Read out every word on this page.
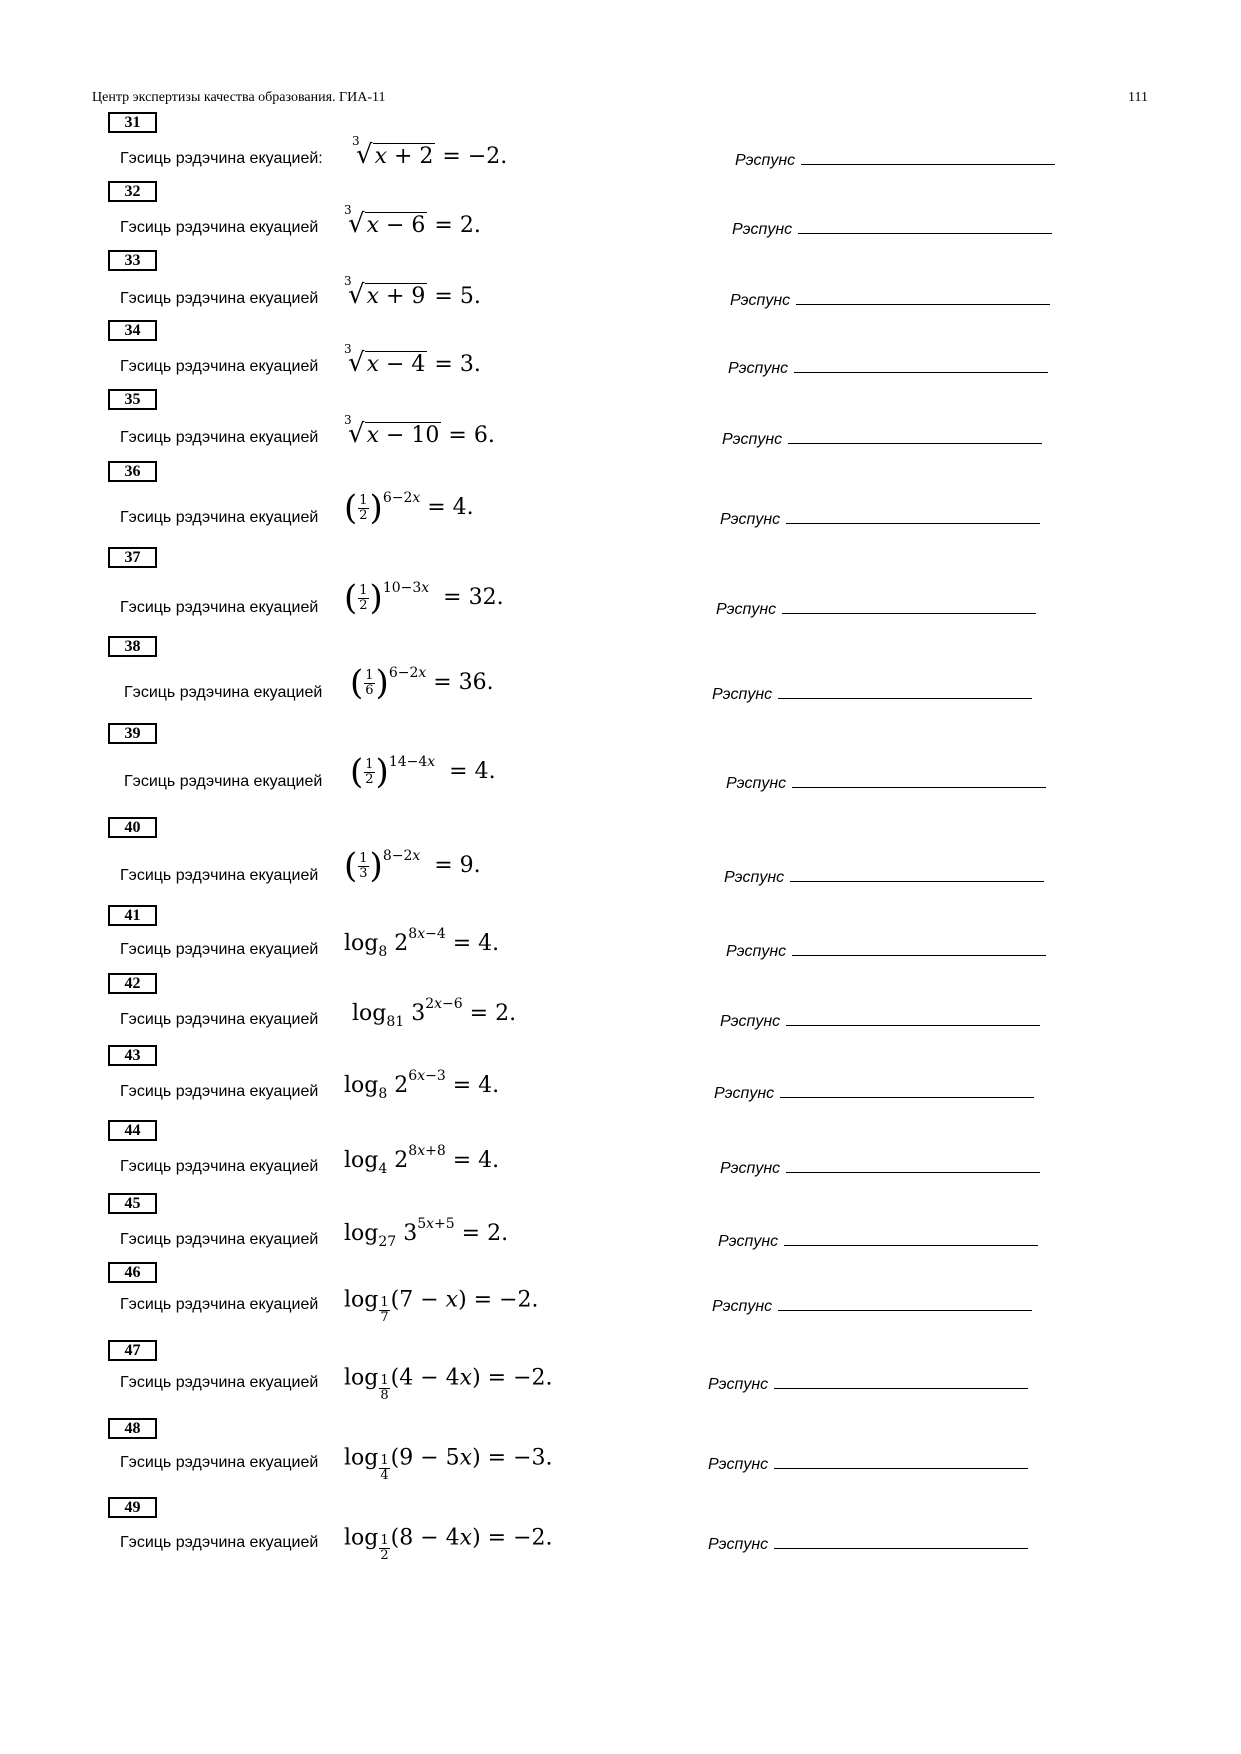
Центр экспертизы качества образования. ГИА-11	111
31
Гэсиць рэдэчина екуацией:
3
√x + 2 = −2.	Рэспунс
32
Гэсиць рэдэчина екуацией
3
√x − 6 = 2.	Рэспунс
33
Гэсиць рэдэчина екуацией
3
√x + 9 = 5.	Рэспунс
34
Гэсиць рэдэчина екуацией
3
√x − 4 = 3.	Рэспунс
35
Гэсиць рэдэчина екуацией
3
√x − 10 = 6.	Рэспунс
36
Гэсиць рэдэчина екуацией ( $\frac{1}{2} )^{6-2x} = 4$.	Рэспунс
37
Гэсиць рэдэчина екуацией ( $\frac{1}{2} )^{10-3x} = 32$.	Рэспунс
38
Гэсиць рэдэчина екуацией ( $\frac{1}{6} )^{6-2x} = 36$.	Рэспунс
39
Гэсиць рэдэчина екуацией ( $\frac{1}{2} )^{14-4x} = 4$.	Рэспунс
40
Гэсиць рэдэчина екуацией ( $\frac{1}{3} )^{8-2x} = 9$.	Рэспунс
41
Гэсиць рэдэчина екуацией $\log_8 2^{8x-4} = 4$.	Рэспунс
42
Гэсиць рэдэчина екуацией $\log_{81} 3^{2x-6} = 2$.	Рэспунс
43
Гэсиць рэдэчина екуацией $\log_8 2^{6x-3} = 4$.	Рэспунс
44
Гэсиць рэдэчина екуацией $\log_4 2^{8x+8} = 4$.	Рэспунс
45
Гэсиць рэдэчина екуацией $\log_{27} 3^{5x+5} = 2$.	Рэспунс
46
Гэсиць рэдэчина екуацией $\log \frac{1}{7} (7 - x) = -2$.	Рэспунс
47
Гэсиць рэдэчина екуацией $\log \frac{1}{8} (4 - 4x) = -2$.	Рэспунс
48
Гэсиць рэдэчина екуацией $\log \frac{1}{4} (9 - 5x) = -3$.	Рэспунс
49
Гэсиць рэдэчина екуацией $\log \frac{1}{2} (8 - 4x) = -2$.	Рэспунс
